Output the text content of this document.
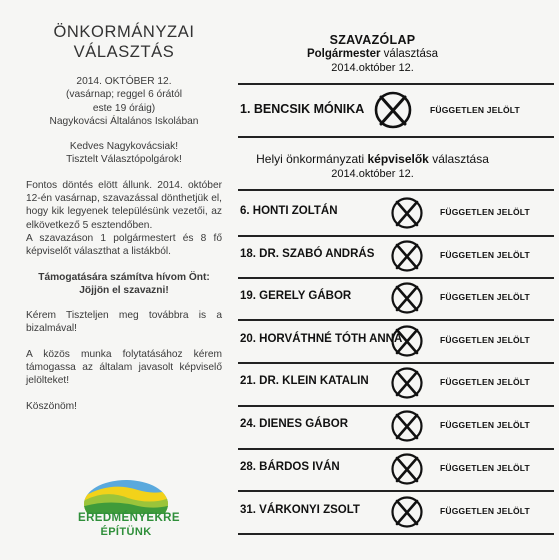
ÖNKORMÁNYZAI
VÁLASZTÁS

2014. OKTÓBER 12.
(vasárnap; reggel 6 órától
este 19 óráig)
Nagykovácsi Általános Iskolában

Kedves Nagykovácsiak!
Tisztelt Választópolgárok!

Fontos döntés elött állunk. 2014. október 12-én vasárnap, szavazással dönthetjük el, hogy kik legyenek településünk vezetői, az elkövetkező 5 esztendőben.

A szavazáson 1 polgármestert és 8 fő képviselőt választhat a listákból.

Támogatására számítva hívom Önt:
Jöjjön el szavazni!

Kérem Tiszteljen meg továbbra is a bizalmával!

A közös munka folytatásához kérem támogassa az általam javasolt képviselő jelölteket!

Köszönöm!

EREDMÉNYEKRE
ÉPÍTÜNK
SZAVAZÓLAP
Polgármester választása
2014.október 12.
1. BENCSIK MÓNIKA	FÜGGETLEN JELÖLT
Helyi önkormányzati képviselők választása
2014.október 12.
6. HONTI ZOLTÁN	FÜGGETLEN JELÖLT
18. DR. SZABÓ ANDRÁS	FÜGGETLEN JELÖLT
19. GERELY GÁBOR	FÜGGETLEN JELÖLT
20. HORVÁTHNÉ TÓTH ANNA	FÜGGETLEN JELÖLT
21. DR. KLEIN KATALIN	FÜGGETLEN JELÖLT
24. DIENES GÁBOR	FÜGGETLEN JELÖLT
28. BÁRDOS IVÁN	FÜGGETLEN JELÖLT
31. VÁRKONYI ZSOLT	FÜGGETLEN JELÖLT
